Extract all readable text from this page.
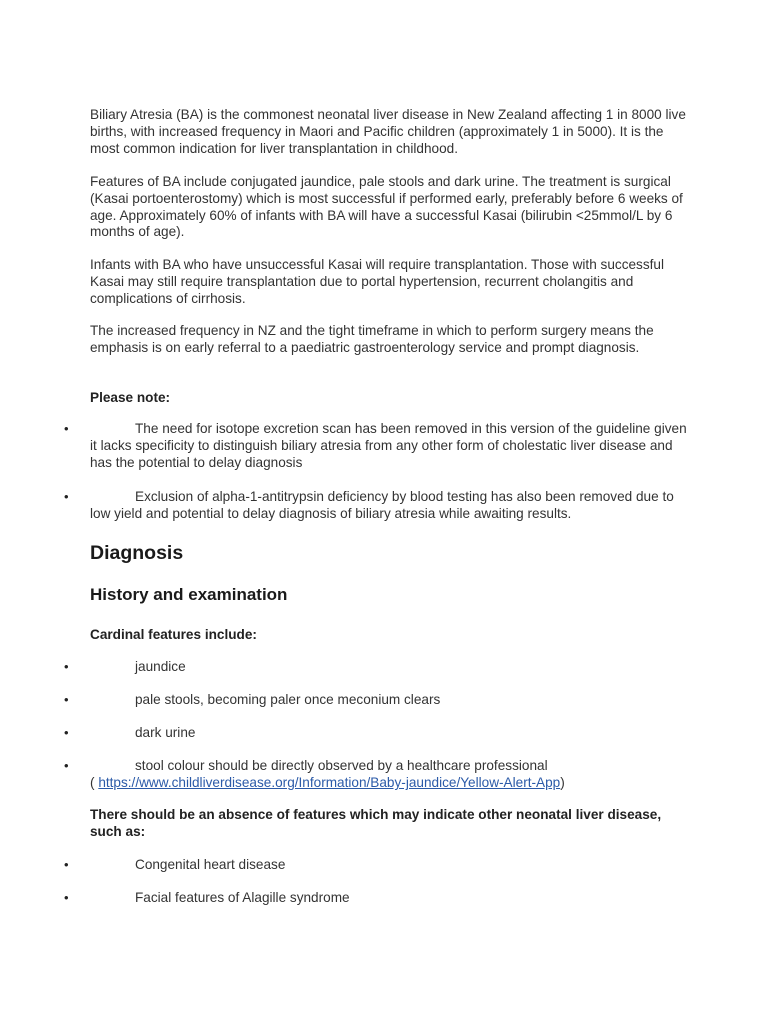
Biliary Atresia (BA) is the commonest neonatal liver disease in New Zealand affecting 1 in 8000 live births, with increased frequency in Maori and Pacific children (approximately 1 in 5000). It is the most common indication for liver transplantation in childhood.

Features of BA include conjugated jaundice, pale stools and dark urine. The treatment is surgical (Kasai portoenterostomy) which is most successful if performed early, preferably before 6 weeks of age. Approximately 60% of infants with BA will have a successful Kasai (bilirubin <25mmol/L by 6 months of age).

Infants with BA who have unsuccessful Kasai will require transplantation. Those with successful Kasai may still require transplantation due to portal hypertension, recurrent cholangitis and complications of cirrhosis.

The increased frequency in NZ and the tight timeframe in which to perform surgery means the emphasis is on early referral to a paediatric gastroenterology service and prompt diagnosis.

Please note:

•	The need for isotope excretion scan has been removed in this version of the guideline given it lacks specificity to distinguish biliary atresia from any other form of cholestatic liver disease and has the potential to delay diagnosis
•	Exclusion of alpha-1-antitrypsin deficiency by blood testing has also been removed due to low yield and potential to delay diagnosis of biliary atresia while awaiting results.
Diagnosis
History and examination

Cardinal features include:

•	jaundice
•	pale stools, becoming paler once meconium clears
•	dark urine
•	stool colour should be directly observed by a healthcare professional
( https://www.childliverdisease.org/Information/Baby-jaundice/Yellow-Alert-App)

There should be an absence of features which may indicate other neonatal liver disease, such as:

•	Congenital heart disease
•	Facial features of Alagille syndrome
